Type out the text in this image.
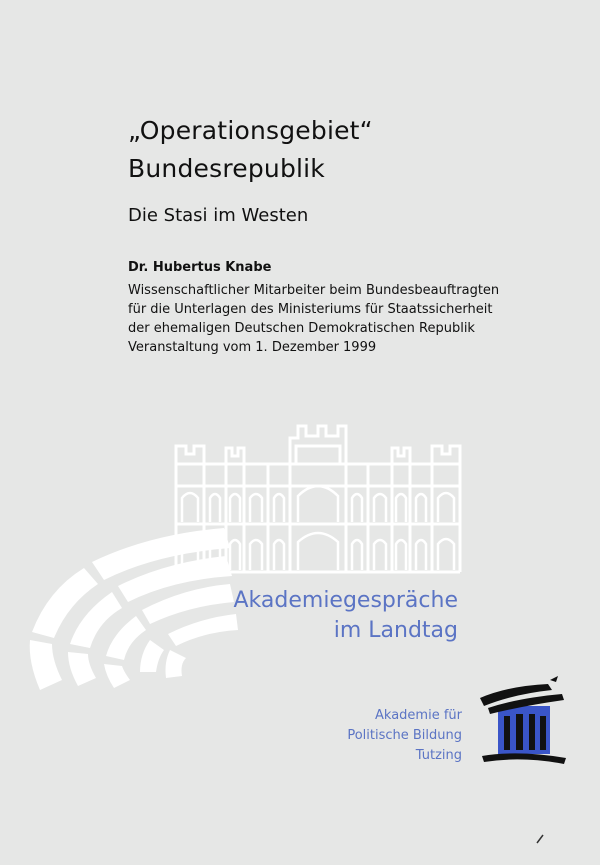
„Operationsgebiet“
Bundesrepublik
Die Stasi im Westen
Dr. Hubertus Knabe
Wissenschaftlicher Mitarbeiter beim Bundesbeauftragten
für die Unterlagen des Ministeriums für Staatssicherheit
der ehemaligen Deutschen Demokratischen Republik
Veranstaltung vom 1. Dezember 1999
Akademiegespräche
im Landtag
Akademie für
Politische Bildung
Tutzing
